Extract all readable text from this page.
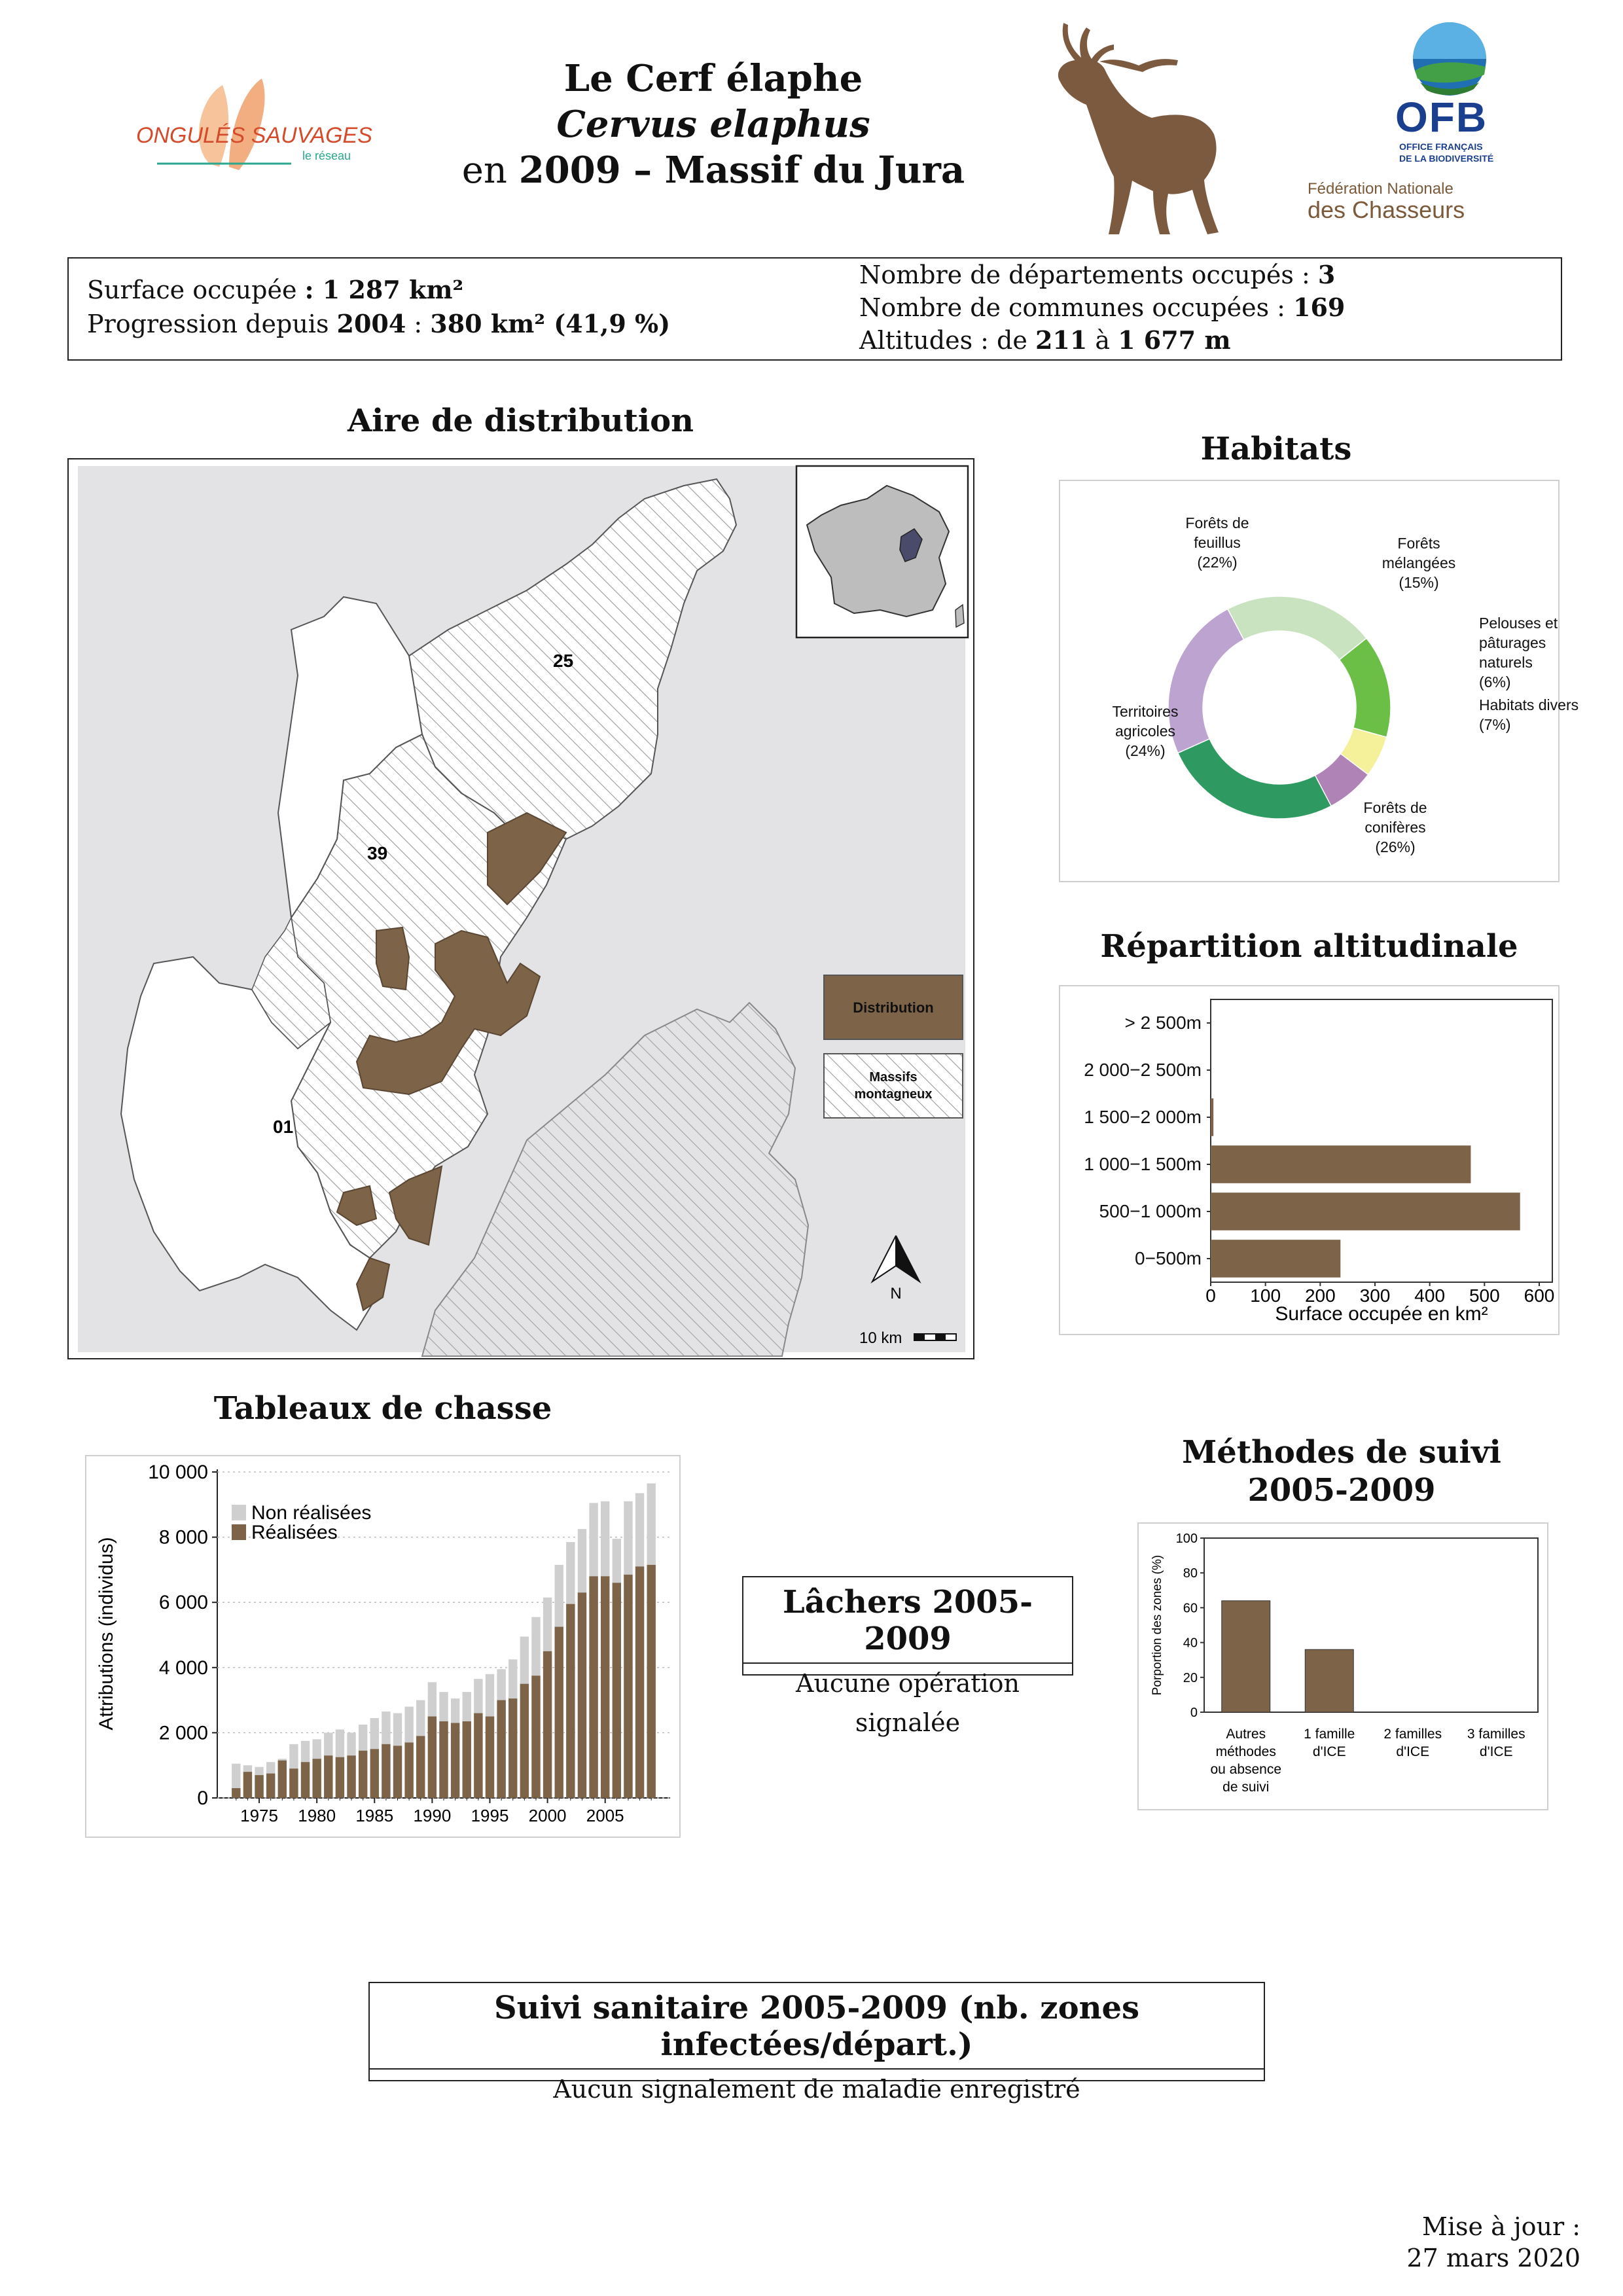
ONGULÉS SAUVAGES
le réseau
Le Cerf élaphe
Cervus elaphus
en 2009 – Massif du Jura
OFB
OFFICE FRANÇAIS
DE LA BIODIVERSITÉ
Fédération Nationale
des Chasseurs
Surface occupée : 1 287 km²
Progression depuis 2004 : 380 km² (41,9 %)
Nombre de départements occupés : 3
Nombre de communes occupées : 169
Altitudes : de 211 à 1 677 m
Aire de distribution
25
39
01
Distribution
Massifs
montagneux
N
10 km
Habitats
Forêts de
feuillus
(22%)
Forêts
mélangées
(15%)
Pelouses et
pâturages
naturels
(6%)
Habitats divers
(7%)
Forêts de
conifères
(26%)
Territoires
agricoles
(24%)
Répartition altitudinale
> 2 500m
2 000−2 500m
1 500−2 000m
1 000−1 500m
500−1 000m
0−500m
0 100 200 300 400 500 600
Surface occupée en km²
Tableaux de chasse
0
2 000
4 000
6 000
8 000
10 000
1975 1980 1985 1990 1995 2000 2005
Attributions (individus)
Non réalisées
Réalisées
Lâchers 2005-2009
Aucune opération signalée
Méthodes de suivi
2005-2009
0
20
40
60
80
100
Autres
méthodes
ou absence
de suivi
1 famille
d'ICE
2 familles
d'ICE
3 familles
d'ICE
Porportion des zones (%)
Suivi sanitaire 2005-2009 (nb. zones infectées/départ.)
Aucun signalement de maladie enregistré
Mise à jour :
27 mars 2020
